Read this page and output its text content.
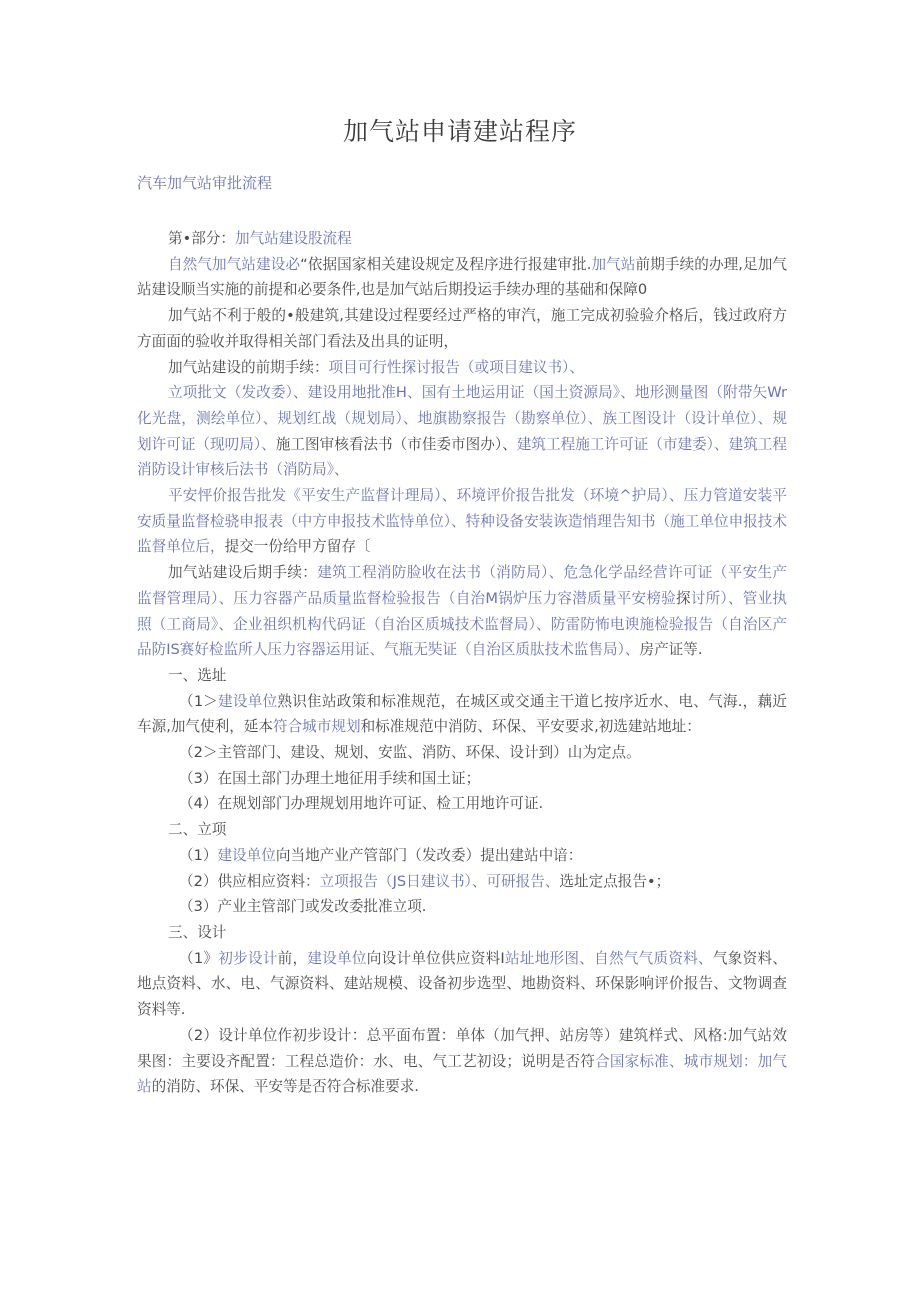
加气站申请建站程序
汽车加气站审批流程

第•部分：加气站建设股流程

自然气加气站建设必“依据国家相关建设规定及程序进行报建审批.加气站前期手续的办理,足加气站建设顺当实施的前提和必要条件,也是加气站后期投运手续办理的基础和保障0

加气站不利于般的•般建筑,其建设过程要经过严格的审汽，施工完成初验验介格后，钱过政府方方面面的验收并取得相关部门看法及出具的证明，

加气站建设的前期手续：项目可行性探讨报告（或项目建议书）、

立项批文（发改委）、建设用地批准H、国有土地运用证（国土资源局》、地形测量图（附带矢Wr化光盘，测绘单位）、规划红战（规划局）、地旗勘察报告（勘察单位）、族工图设计（设计单位）、规划许可证（现叨局）、施工图审核看法书（市佳委市图办）、建筑工程施工许可证（市建委）、建筑工程消防设计审核后法书（消防局》、

平安怦价报告批发《平安生产监督计理局）、环境评价报告批发（环境^护局）、压力管道安装平安质量监督检骁申报表（中方申报技术监恃单位）、特种设备安装诙造悄理告知书（施工单位申报技术监督单位后，提交一份给甲方留存〔

加气站建设后期手续：建筑工程消防脸收在法书（消防局）、危急化学品经营许可证（平安生产监督管理局）、压力容器产品质量监督检验报告（自治M锅炉压力容潜质量平安榜验探讨所）、管业执照（工商局》、企业祖织机构代码证（自治区质城技术监督局）、防雷防怖电谀施检验报告（自治区产品防IS赛好检监所人压力容器运用证、气瓶无奘证（自治区质肽技术监售局）、房产证等.

一、选址

（1＞建设单位熟识隹站政策和标准规范，在城区或交通主干道匕按序近水、电、气海.，藕近车源,加气使利，延本符合城市规划和标准规范中消防、环保、平安要求,初选建站地址：

（2＞主管部门、建设、规划、安监、消防、环保、设计到）山为定点。

（3）在国土部门办理土地征用手续和国土证；

（4）在规划部门办理规划用地许可证、检工用地许可证.

二、立项

（1）建设单位向当地产业产管部门（发改委）提出建站中谙：

（2）供应相应资料：立项报告（JS日建议书）、可研报告、选址定点报告•；

（3）产业主管部门或发改委批准立项.

三、设计

（1》初步设计前，建设单位向设计单位供应资料I站址地形图、自然气气质资料、气象资料、地点资料、水、电、气源资料、建站规模、设备初步选型、地勘资料、环保影响评价报告、文物调查资料等.

（2）设计单位作初步设计：总平面布置：单体（加气押、站房等）建筑样式、风格:加气站效果图：主要设齐配置：工程总造价：水、电、气工艺初设；说明是否符合国家标准、城市规划：加气站的消防、环保、平安等是否符合标准要求.
